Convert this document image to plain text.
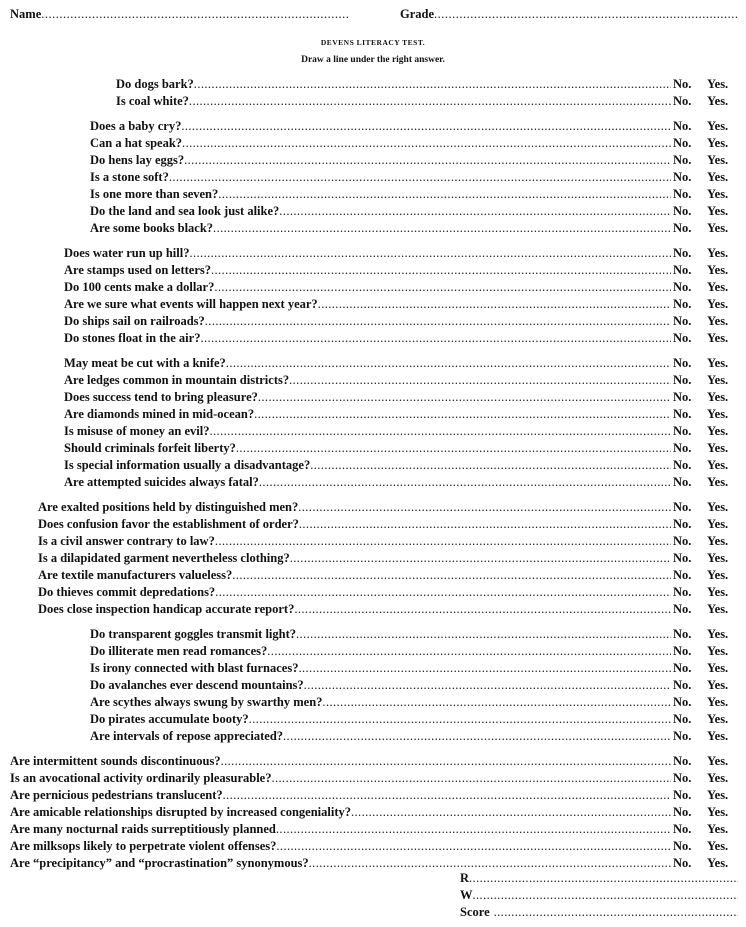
Name .....	Grade
.....
DEVENS LITERACY TEST.
Draw a line under the right answer.
Do dogs bark? .....	No.	Yes.
Is coal white? .....	No.	Yes.
Does a baby cry? .....	No.	Yes.
Can a hat speak? .....	No.	Yes.
Do hens lay eggs? .....	No.	Yes.
Is a stone soft? .....	No.	Yes.
Is one more than seven? .....	No.	Yes.
Do the land and sea look just alike? .....	No.	Yes.
Are some books black? .....	No.	Yes.
Does water run up hill? .....	No.	Yes.
Are stamps used on letters? .....	No.	Yes.
Do 100 cents make a dollar? .....	No.	Yes.
Are we sure what events will happen next year? .....	No.	Yes.
Do ships sail on railroads? .....	No.	Yes.
Do stones float in the air? .....	No.	Yes.
May meat be cut with a knife? .....	No.	Yes.
Are ledges common in mountain districts? .....	No.	Yes.
Does success tend to bring pleasure? .....	No.	Yes.
Are diamonds mined in mid-ocean? .....	No.	Yes.
Is misuse of money an evil? .....	No.	Yes.
Should criminals forfeit liberty? .....	No.	Yes.
Is special information usually a disadvantage? .....	No.	Yes.
Are attempted suicides always fatal? .....	No.	Yes.
Are exalted positions held by distinguished men? .....	No.	Yes.
Does confusion favor the establishment of order? .....	No.	Yes.
Is a civil answer contrary to law? .....	No.	Yes.
Is a dilapidated garment nevertheless clothing? .....	No.	Yes.
Are textile manufacturers valueless? .....	No.	Yes.
Do thieves commit depredations? .....	No.	Yes.
Does close inspection handicap accurate report? .....	No.	Yes.
Do transparent goggles transmit light? .....	No.	Yes.
Do illiterate men read romances? .....	No.	Yes.
Is irony connected with blast furnaces? .....	No.	Yes.
Do avalanches ever descend mountains? .....	No.	Yes.
Are scythes always swung by swarthy men? .....	No.	Yes.
Do pirates accumulate booty? .....	No.	Yes.
Are intervals of repose appreciated? .....	No.	Yes.
Are intermittent sounds discontinuous? .....	No.	Yes.
Is an avocational activity ordinarily pleasurable? .....	No.	Yes.
Are pernicious pedestrians translucent? .....	No.	Yes.
Are amicable relationships disrupted by increased congeniality? .....	No.	Yes.
Are many nocturnal raids surreptitiously planned .....	No.	Yes.
Are milksops likely to perpetrate violent offenses? .....	No.	Yes.
Are “precipitancy” and “procrastination” synonymous? .....	No.	Yes.
R
.....
W
.....
Score
.....
